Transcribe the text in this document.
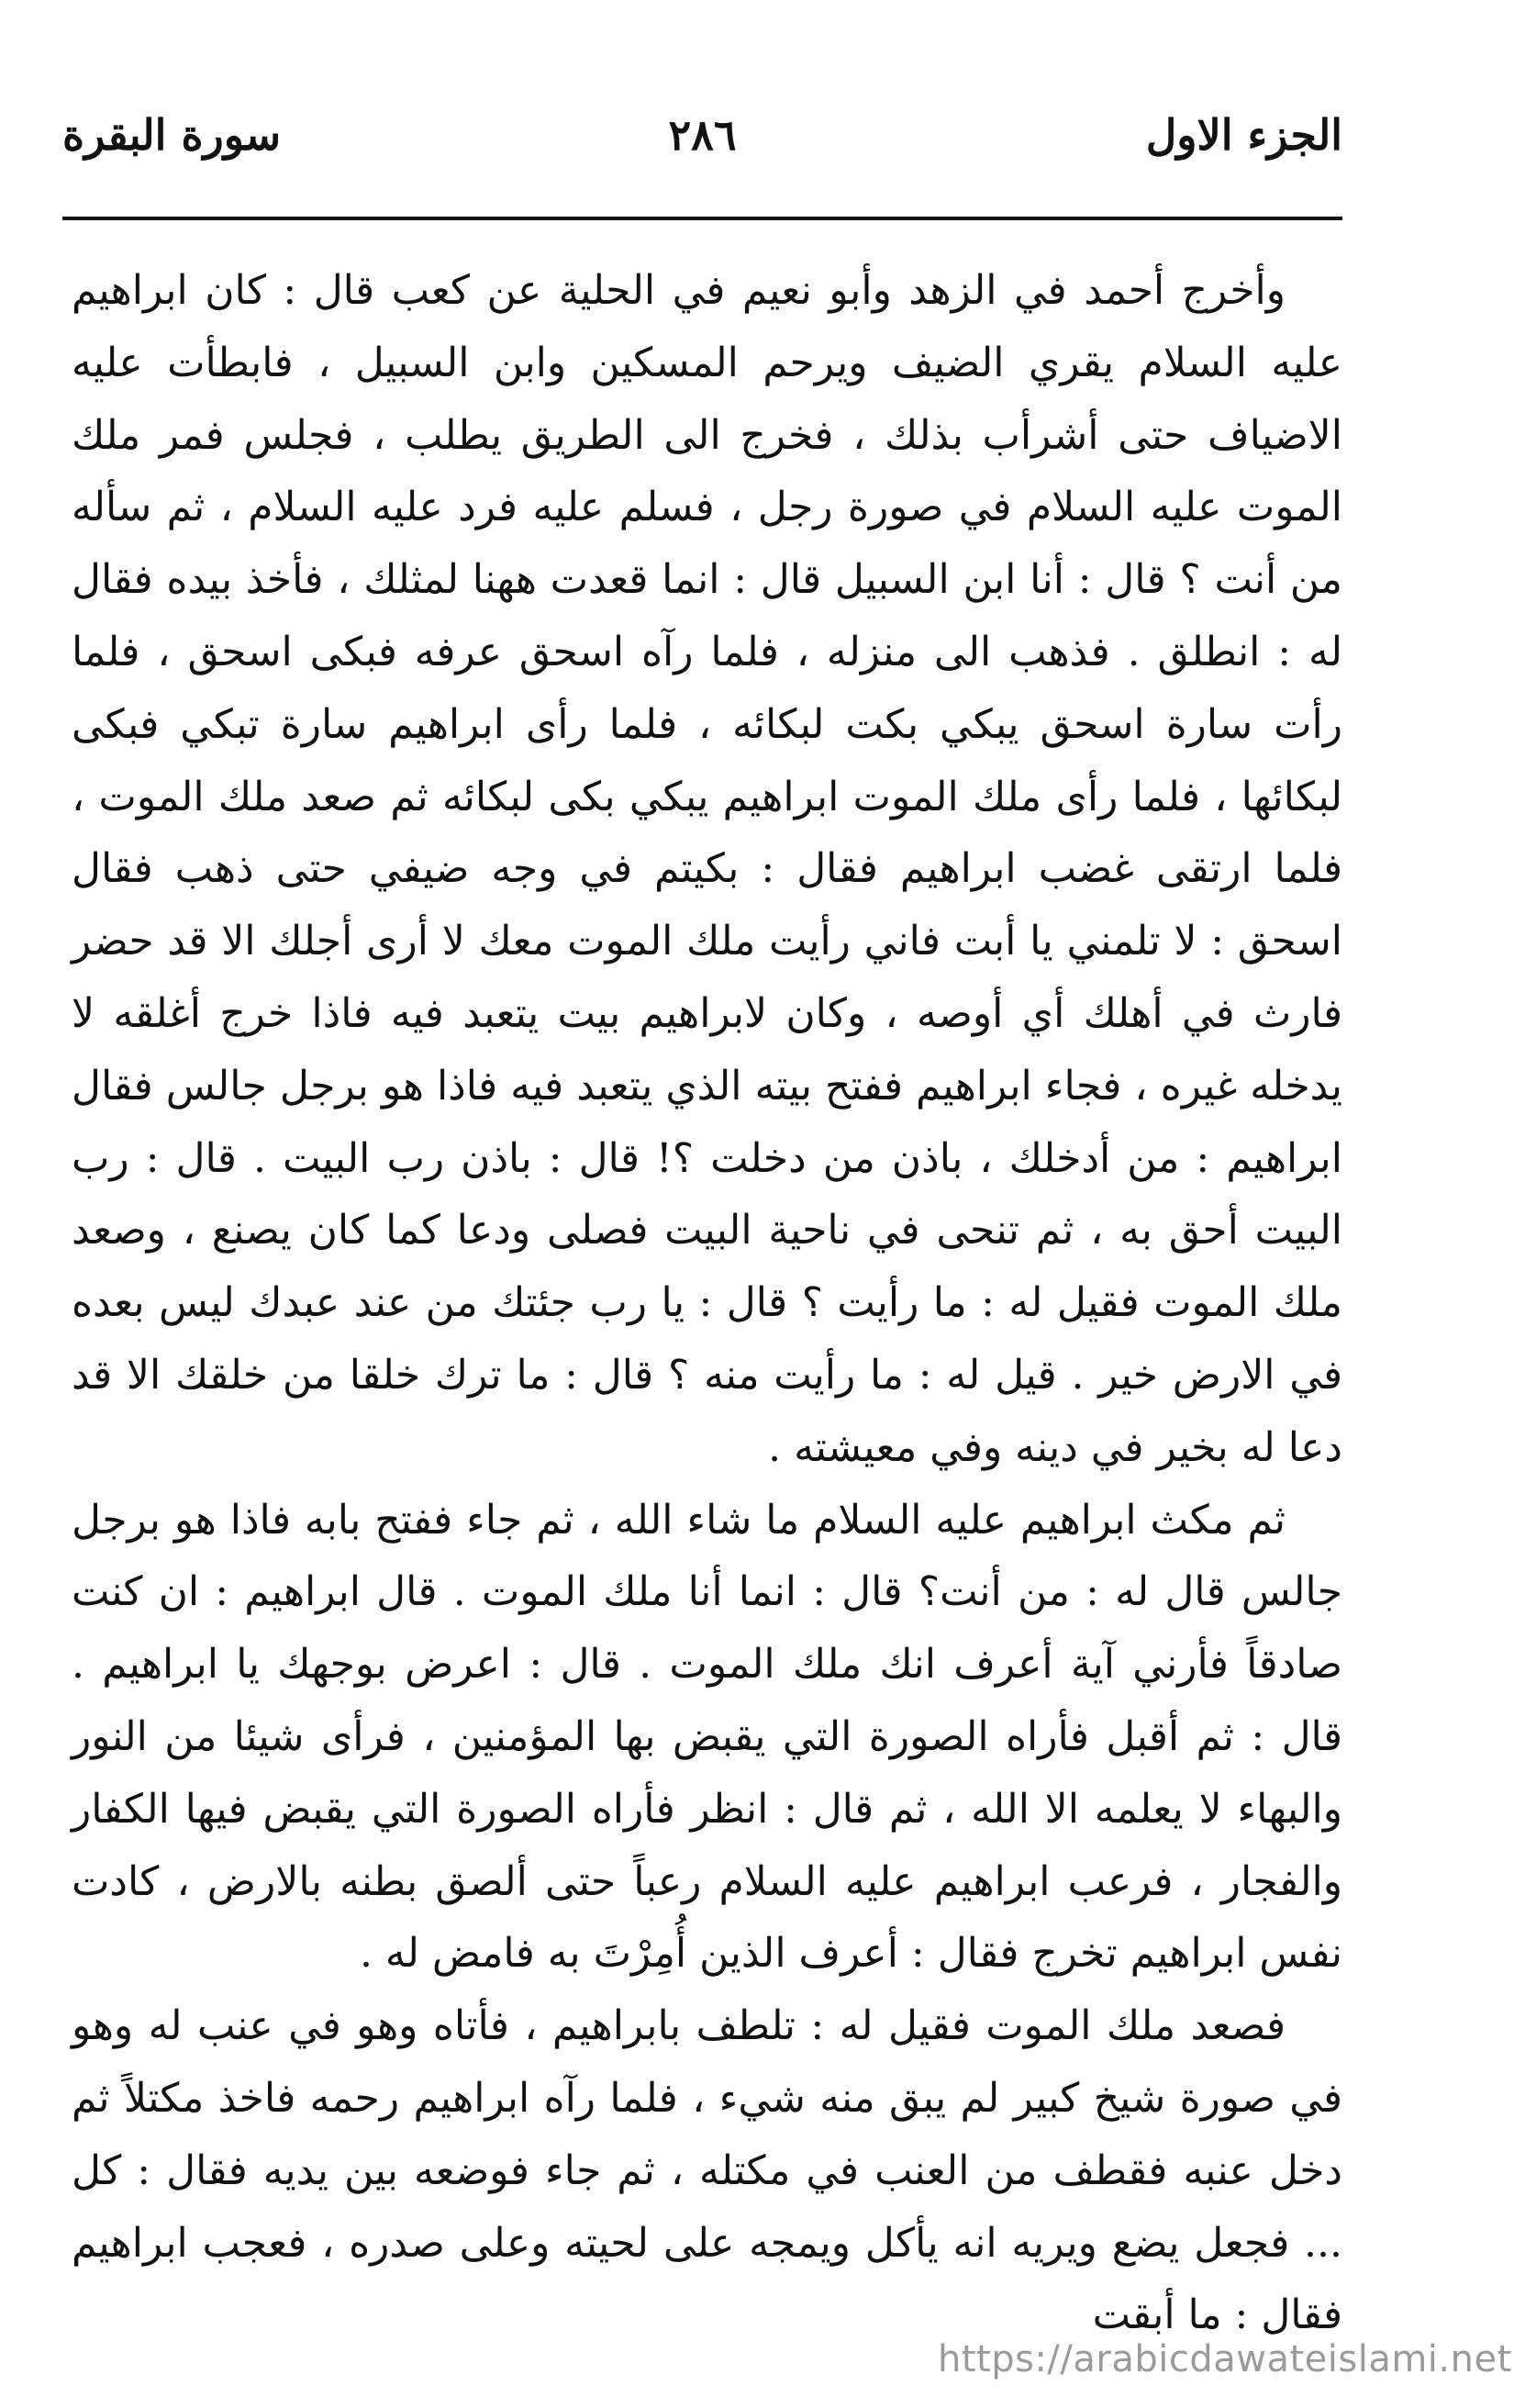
الجزء الاول
٢٨٦
سورة البقرة

وأخرج أحمد في الزهد وأبو نعيم في الحلية عن كعب قال : كان ابراهيم عليه السلام يقري الضيف ويرحم المسكين وابن السبيل ، فابطأت عليه الاضياف حتى أشرأب بذلك ، فخرج الى الطريق يطلب ، فجلس فمر ملك الموت عليه السلام في صورة رجل ، فسلم عليه فرد عليه السلام ، ثم سأله من أنت ؟ قال : أنا ابن السبيل قال : انما قعدت ههنا لمثلك ، فأخذ بيده فقال له : انطلق . فذهب الى منزله ، فلما رآه اسحق عرفه فبكى اسحق ، فلما رأت سارة اسحق يبكي بكت لبكائه ، فلما رأى ابراهيم سارة تبكي فبكى لبكائها ، فلما رأى ملك الموت ابراهيم يبكي بكى لبكائه ثم صعد ملك الموت ، فلما ارتقى غضب ابراهيم فقال : بكيتم في وجه ضيفي حتى ذهب فقال اسحق : لا تلمني يا أبت فاني رأيت ملك الموت معك لا أرى أجلك الا قد حضر فارث في أهلك أي أوصه ، وكان لابراهيم بيت يتعبد فيه فاذا خرج أغلقه لا يدخله غيره ، فجاء ابراهيم ففتح بيته الذي يتعبد فيه فاذا هو برجل جالس فقال ابراهيم : من أدخلك ، باذن من دخلت ؟! قال : باذن رب البيت . قال : رب البيت أحق به ، ثم تنحى في ناحية البيت فصلى ودعا كما كان يصنع ، وصعد ملك الموت فقيل له : ما رأيت ؟ قال : يا رب جئتك من عند عبدك ليس بعده في الارض خير . قيل له : ما رأيت منه ؟ قال : ما ترك خلقا من خلقك الا قد دعا له بخير في دينه وفي معيشته .

ثم مكث ابراهيم عليه السلام ما شاء الله ، ثم جاء ففتح بابه فاذا هو برجل جالس قال له : من أنت؟ قال : انما أنا ملك الموت . قال ابراهيم : ان كنت صادقاً فأرني آية أعرف انك ملك الموت . قال : اعرض بوجهك يا ابراهيم . قال : ثم أقبل فأراه الصورة التي يقبض بها المؤمنين ، فرأى شيئا من النور والبهاء لا يعلمه الا الله ، ثم قال : انظر فأراه الصورة التي يقبض فيها الكفار والفجار ، فرعب ابراهيم عليه السلام رعباً حتى ألصق بطنه بالارض ، كادت نفس ابراهيم تخرج فقال : أعرف الذين أُمِرْتَ به فامض له .

فصعد ملك الموت فقيل له : تلطف بابراهيم ، فأتاه وهو في عنب له وهو في صورة شيخ كبير لم يبق منه شيء ، فلما رآه ابراهيم رحمه فاخذ مكتلاً ثم دخل عنبه فقطف من العنب في مكتله ، ثم جاء فوضعه بين يديه فقال : كل ... فجعل يضع ويريه انه يأكل ويمجه على لحيته وعلى صدره ، فعجب ابراهيم فقال : ما أبقت

https://arabicdawateislami.net
